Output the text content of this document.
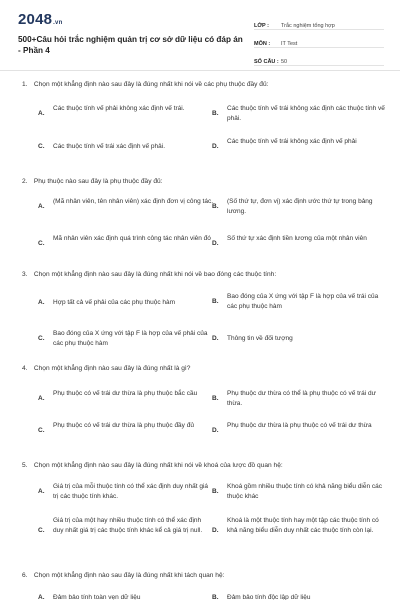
2048.vn
500+Câu hỏi trắc nghiệm quản trị cơ sở dữ liệu có đáp án - Phần 4
LỚP :	Trắc nghiệm tổng hợp
MÔN :	IT Test
SỐ CÂU : 50
1. Chọn một khẳng định nào sau đây là đúng nhất khi nói về các phụ thuộc đầy đủ:
A.
Các thuộc tính vế phải không xác định vế trái.
B.
Các thuộc tính vế trái không xác định các thuộc tính vế phải.
C. Các thuộc tính vế trái xác định vế phải.	D.
Các thuộc tính vế trái không xác định vế phải
2. Phụ thuộc nào sau đây là phụ thuộc đầy đủ:
A.
(Mã nhân viên, tên nhân viên) xác định đơn vị công tác.
B.
(Số thứ tự, đơn vị) xác định ước thứ tự trong bảng lương.
C.
Mã nhân viên xác định quá trình công tác nhân viên đó
D.
Số thứ tự xác định tiền lương của một nhân viên
3. Chọn một khẳng định nào sau đây là đúng nhất khi nói về bao đóng các thuộc tính:
A. Hợp tất cả vế phải của các phụ thuộc hàm	B.
Bao đóng của X ứng với tập F là hợp của vế trái của các phụ thuộc hàm
C.
Bao đóng của X ứng với tập F là hợp của vế phải của các phụ thuộc hàm
D. Thông tin về đối tượng
4. Chọn một khẳng định nào sau đây là đúng nhất là gì?
A.
Phụ thuộc có vế trái dư thừa là phụ thuộc bắc cầu
B.
Phụ thuộc dư thừa có thể là phụ thuộc có vế trái dư thừa.
C.
Phụ thuộc có vế trái dư thừa là phụ thuộc đầy đủ
D.
Phụ thuộc dư thừa là phụ thuộc có vế trái dư thừa
5. Chọn một khẳng định nào sau đây là đúng nhất khi nói về khoá của lược đồ quan hệ:
A.
Giá trị của mỗi thuộc tính có thể xác định duy nhất giá trị các thuộc tính khác.
B.
Khoá gồm nhiều thuộc tính có khả năng biểu diễn các thuộc khác
C.
Giá trị của một hay nhiều thuộc tính có thể xác định duy nhất giá trị các thuộc tính khác kể cả giá trị null.	D.
Khoá là một thuộc tính hay một tập các thuộc tính có khả năng biểu diễn duy nhất các thuộc tính còn lại.
6. Chọn một khẳng định nào sau đây là đúng nhất khi tách quan hệ:
A. Đảm bảo tính toàn vẹn dữ liệu	B. Đảm bảo tính độc lập dữ liệu
